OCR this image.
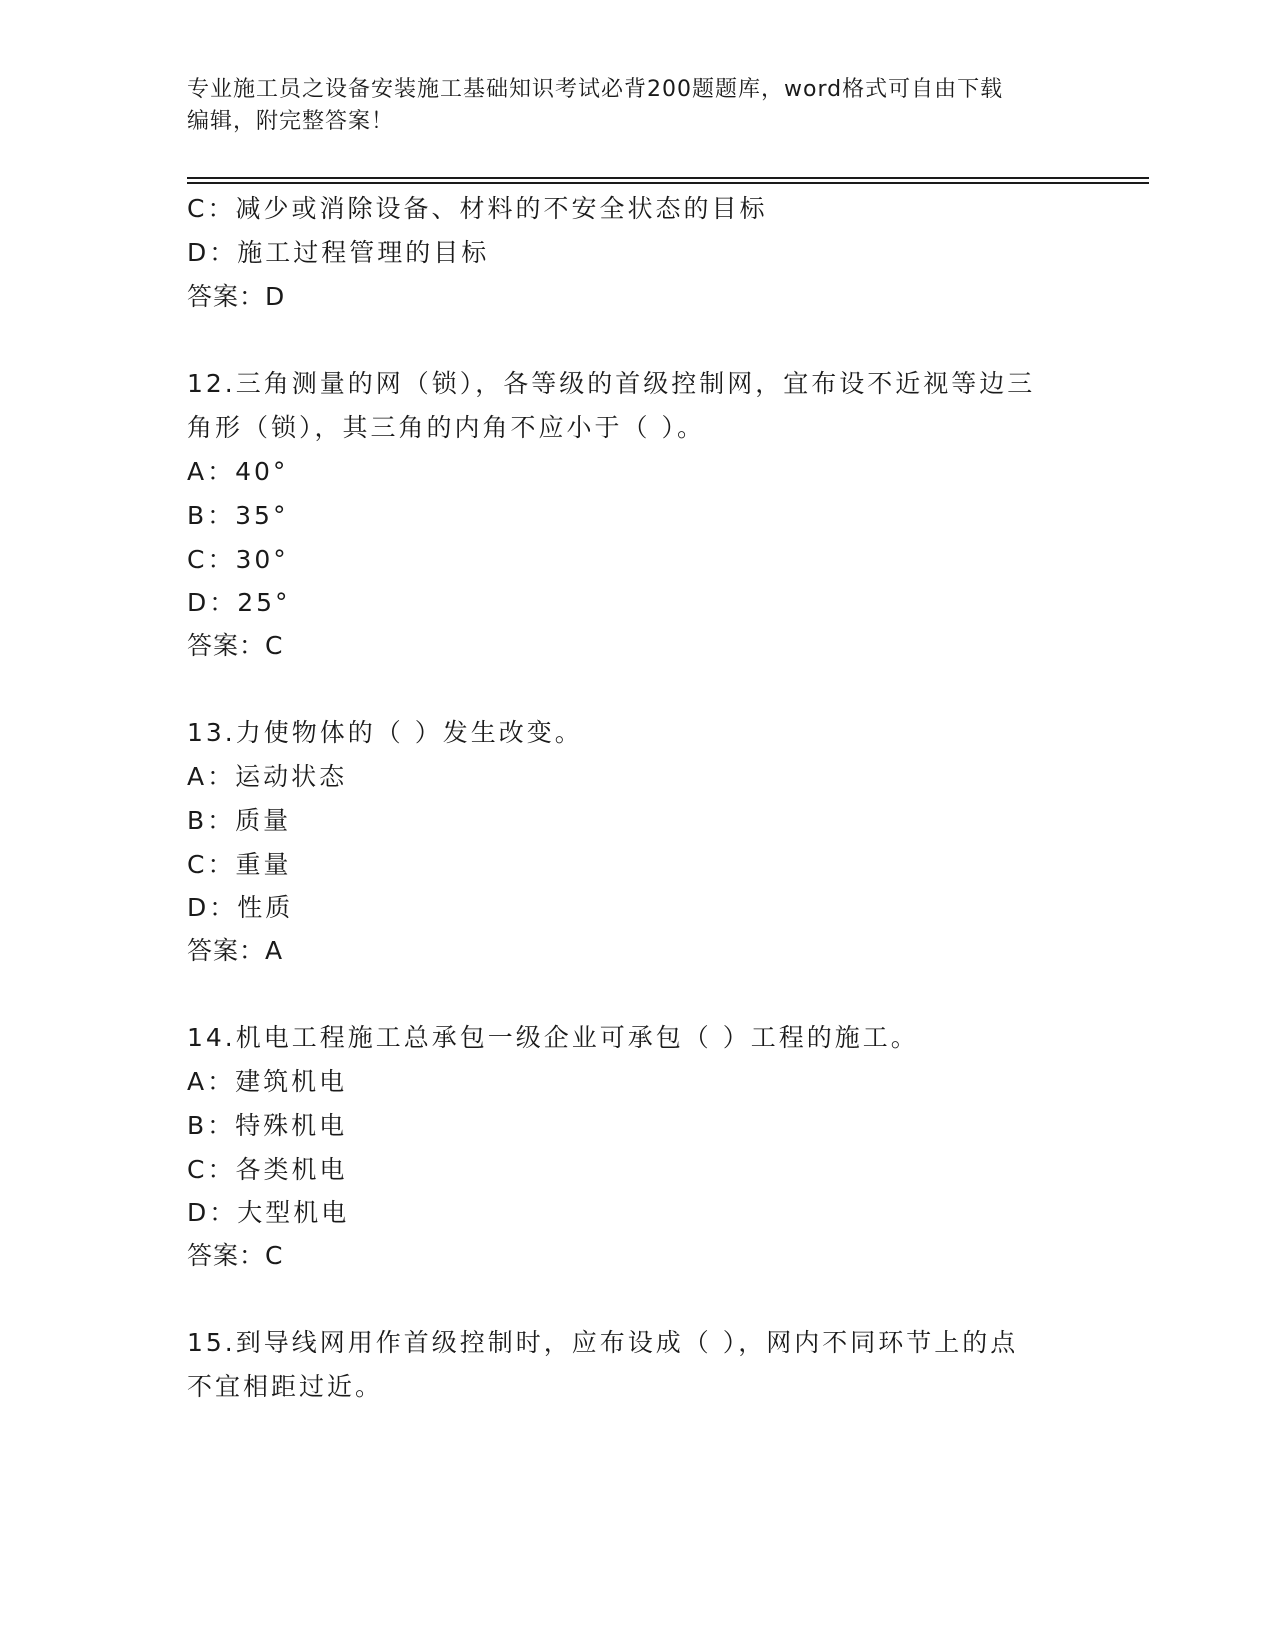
专业施工员之设备安装施工基础知识考试必背200题题库，word格式可自由下载
编辑，附完整答案！
C：减少或消除设备、材料的不安全状态的目标
D：施工过程管理的目标
答案：D
12.三角测量的网（锁），各等级的首级控制网，宜布设不近视等边三
角形（锁），其三角的内角不应小于（ ）。
A：40°
B：35°
C：30°
D：25°
答案：C
13.力使物体的（ ）发生改变。
A：运动状态
B：质量
C：重量
D：性质
答案：A
14.机电工程施工总承包一级企业可承包（ ）工程的施工。
A：建筑机电
B：特殊机电
C：各类机电
D：大型机电
答案：C
15.到导线网用作首级控制时，应布设成（ ），网内不同环节上的点
不宜相距过近。
